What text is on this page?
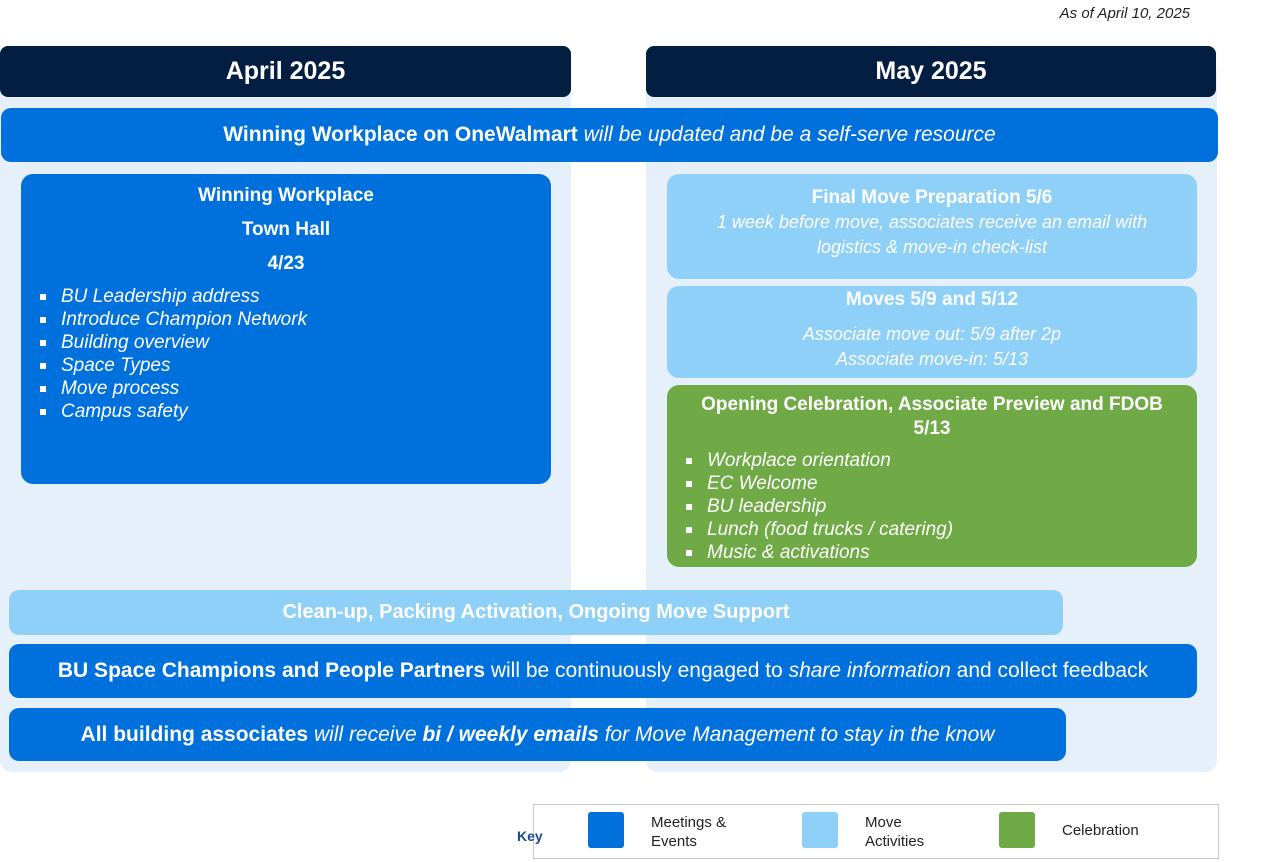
As of April 10, 2025
April 2025	May 2025
Winning Workplace on OneWalmart will be updated and be a self-serve resource
Winning Workplace
Town Hall
4/23
BU Leadership address
Introduce Champion Network
Building overview
Space Types
Move process
Campus safety
Final Move Preparation 5/6
1 week before move, associates receive an email with
logistics & move-in check-list
Moves 5/9 and 5/12
Associate move out: 5/9 after 2p
Associate move-in: 5/13
Opening Celebration, Associate Preview and FDOB
5/13
Workplace orientation
EC Welcome
BU leadership
Lunch (food trucks / catering)
Music & activations
Clean-up, Packing Activation, Ongoing Move Support
BU Space Champions and People Partners will be continuously engaged to share information and collect feedback
All building associates will receive bi / weekly emails for Move Management to stay in the know
Key
Meetings &
Events
Move
Activities
Celebration
